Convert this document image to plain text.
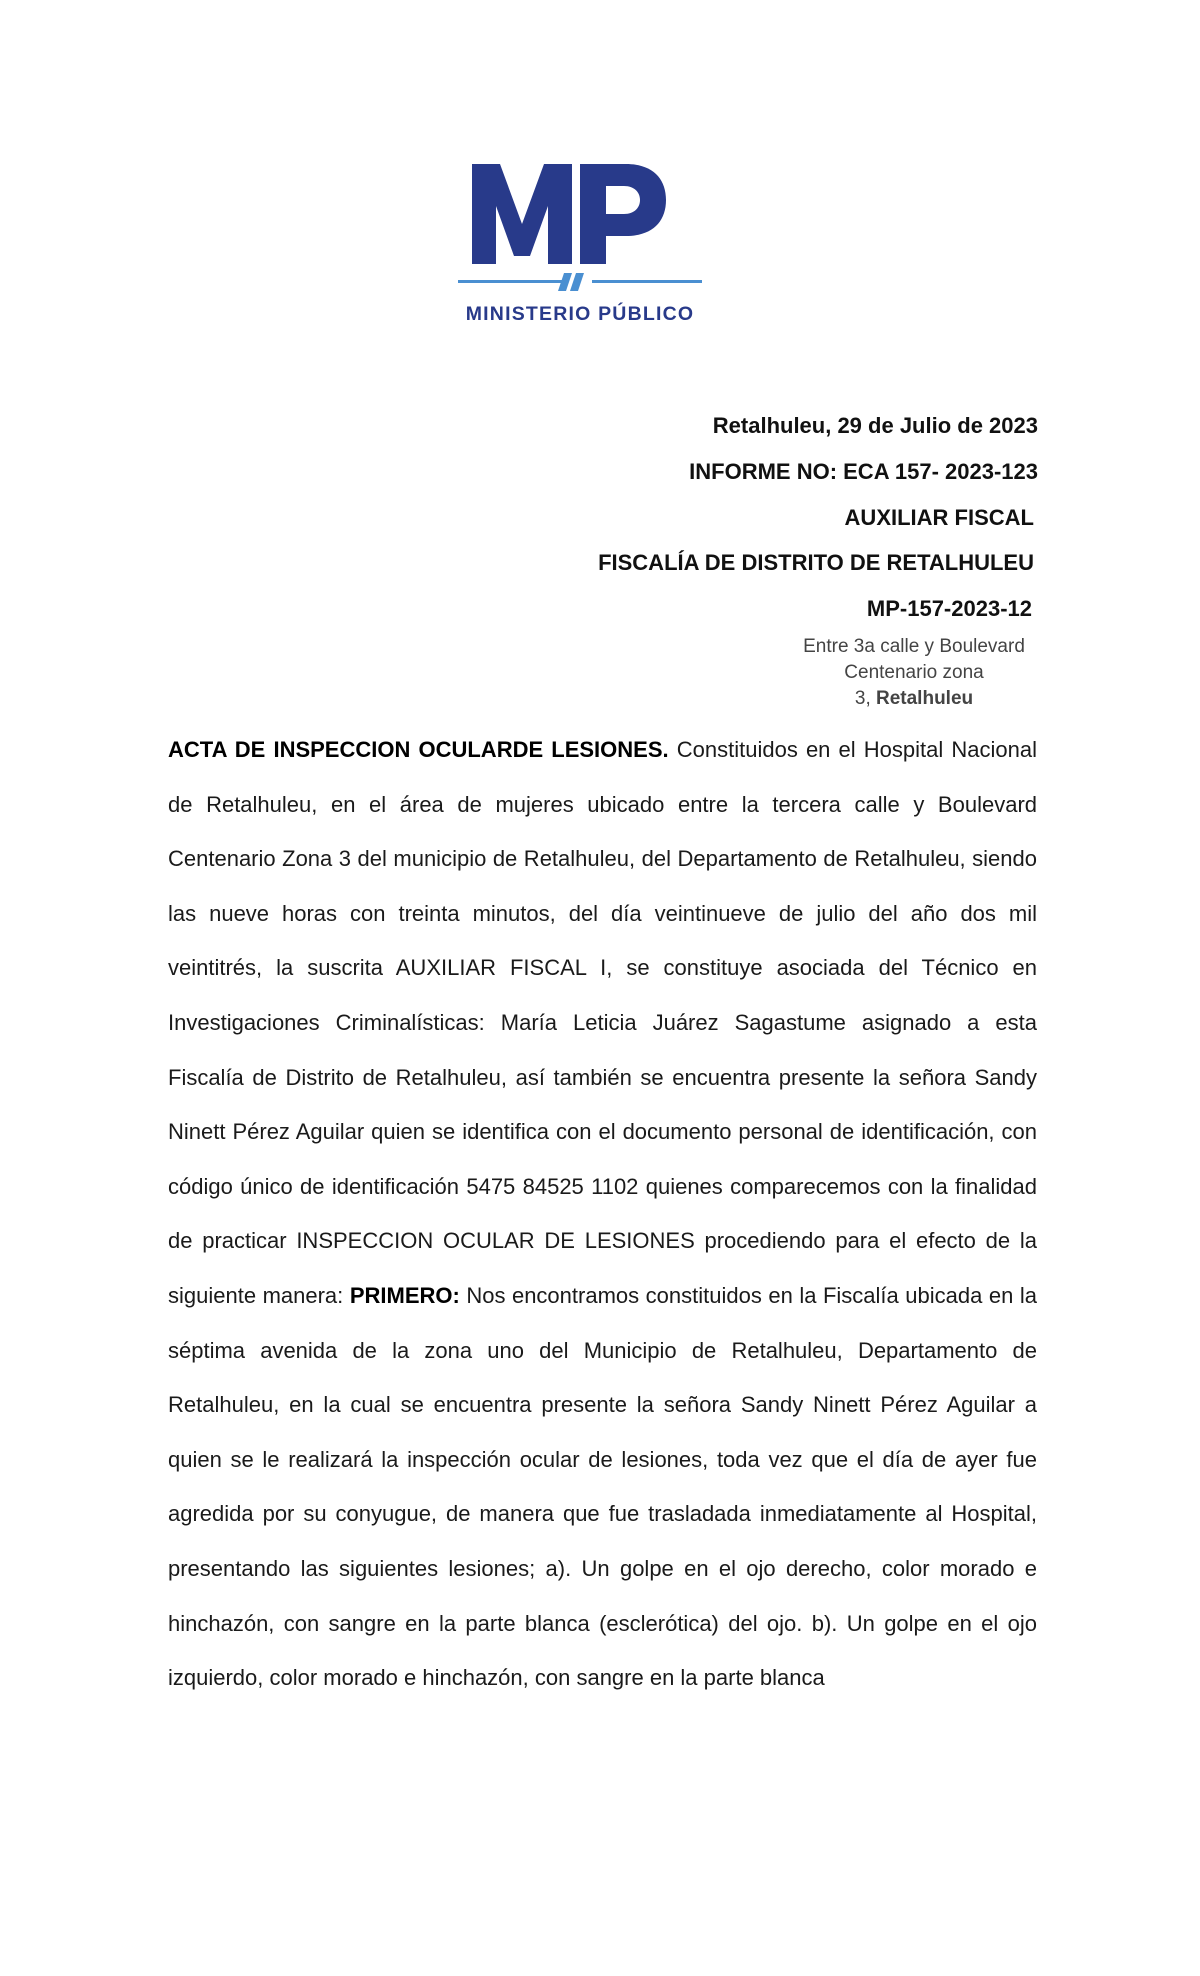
MINISTERIO PÚBLICO
Retalhuleu, 29 de Julio de 2023
INFORME NO: ECA 157- 2023-123
AUXILIAR FISCAL
FISCALÍA DE DISTRITO DE RETALHULEU
MP-157-2023-12
Entre 3a calle y Boulevard
Centenario zona
3, Retalhuleu
ACTA DE INSPECCION OCULARDE LESIONES. Constituidos en el Hospital Nacional de Retalhuleu, en el área de mujeres ubicado entre la tercera calle y Boulevard Centenario Zona 3 del municipio de Retalhuleu, del Departamento de Retalhuleu, siendo las nueve horas con treinta minutos, del día veintinueve de julio del año dos mil veintitrés, la suscrita AUXILIAR FISCAL I, se constituye asociada del Técnico en Investigaciones Criminalísticas: María Leticia Juárez Sagastume asignado a esta Fiscalía de Distrito de Retalhuleu, así también se encuentra presente la señora Sandy Ninett Pérez Aguilar quien se identifica con el documento personal de identificación, con código único de identificación 5475 84525 1102 quienes comparecemos con la finalidad de practicar INSPECCION OCULAR DE LESIONES procediendo para el efecto de la siguiente manera: PRIMERO: Nos encontramos constituidos en la Fiscalía ubicada en la séptima avenida de la zona uno del Municipio de Retalhuleu, Departamento de Retalhuleu, en la cual se encuentra presente la señora Sandy Ninett Pérez Aguilar a quien se le realizará la inspección ocular de lesiones, toda vez que el día de ayer fue agredida por su conyugue, de manera que fue trasladada inmediatamente al Hospital, presentando las siguientes lesiones; a). Un golpe en el ojo derecho, color morado e hinchazón, con sangre en la parte blanca (esclerótica) del ojo. b). Un golpe en el ojo izquierdo, color morado e hinchazón, con sangre en la parte blanca
